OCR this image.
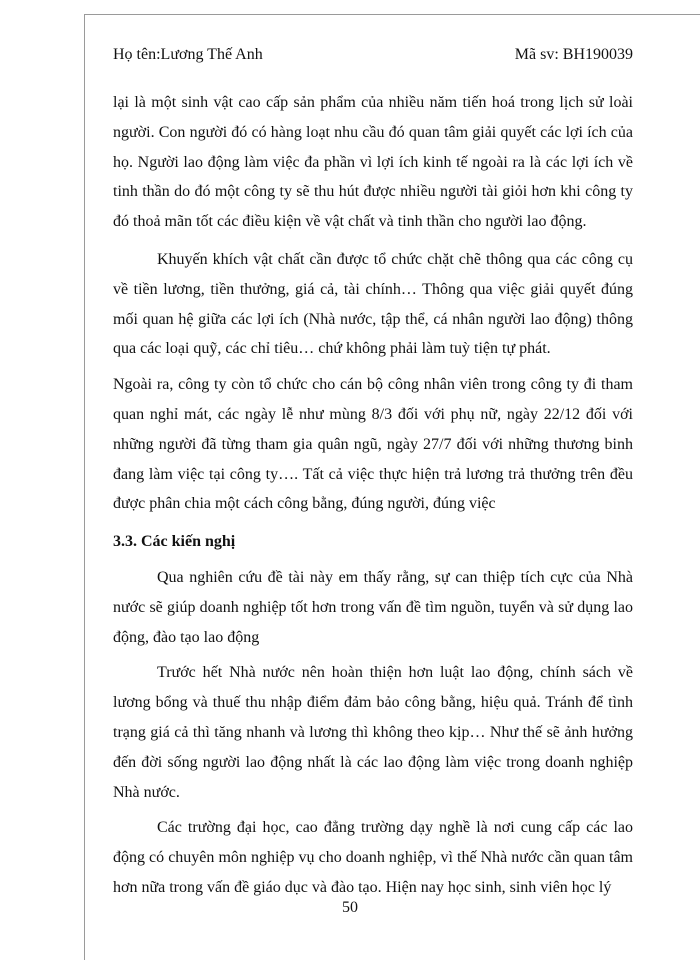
Họ tên:Lương Thế Anh	Mã sv: BH190039

lại là một sinh vật cao cấp sản phẩm của nhiều năm tiến hoá trong lịch sử loài người. Con người đó có hàng loạt nhu cầu đó quan tâm giải quyết các lợi ích của họ. Người lao động làm việc đa phần vì lợi ích kinh tế ngoài ra là các lợi ích về tinh thần do đó một công ty sẽ thu hút được nhiều người tài giỏi hơn khi công ty đó thoả mãn tốt các điều kiện về vật chất và tinh thần cho người lao động.

Khuyến khích vật chất cần được tổ chức chặt chẽ thông qua các công cụ về tiền lương, tiền thưởng, giá cả, tài chính… Thông qua việc giải quyết đúng mối quan hệ giữa các lợi ích (Nhà nước, tập thể, cá nhân người lao động) thông qua các loại quỹ, các chỉ tiêu… chứ không phải làm tuỳ tiện tự phát.

Ngoài ra, công ty còn tổ chức cho cán bộ công nhân viên trong công ty đi tham quan nghỉ mát, các ngày lễ như mùng 8/3 đối với phụ nữ, ngày 22/12 đối với những người đã từng tham gia quân ngũ, ngày 27/7 đối với những thương binh đang làm việc tại công ty…. Tất cả việc thực hiện trả lương trả thưởng trên đều được phân chia một cách công bằng, đúng người, đúng việc

3.3. Các kiến nghị

Qua nghiên cứu đề tài này em thấy rằng, sự can thiệp tích cực của Nhà nước sẽ giúp doanh nghiệp tốt hơn trong vấn đề tìm nguồn, tuyển và sử dụng lao động, đào tạo lao động

Trước hết Nhà nước nên hoàn thiện hơn luật lao động, chính sách về lương bổng và thuế thu nhập điểm đảm bảo công bằng, hiệu quả. Tránh để tình trạng giá cả thì tăng nhanh và lương thì không theo kịp… Như thế sẽ ảnh hưởng đến đời sống người lao động nhất là các lao động làm việc trong doanh nghiệp Nhà nước.

Các trường đại học, cao đẳng trường dạy nghề là nơi cung cấp các lao động có chuyên môn nghiệp vụ cho doanh nghiệp, vì thế Nhà nước cần quan tâm hơn nữa trong vấn đề giáo dục và đào tạo. Hiện nay học sinh, sinh viên học lý

50
